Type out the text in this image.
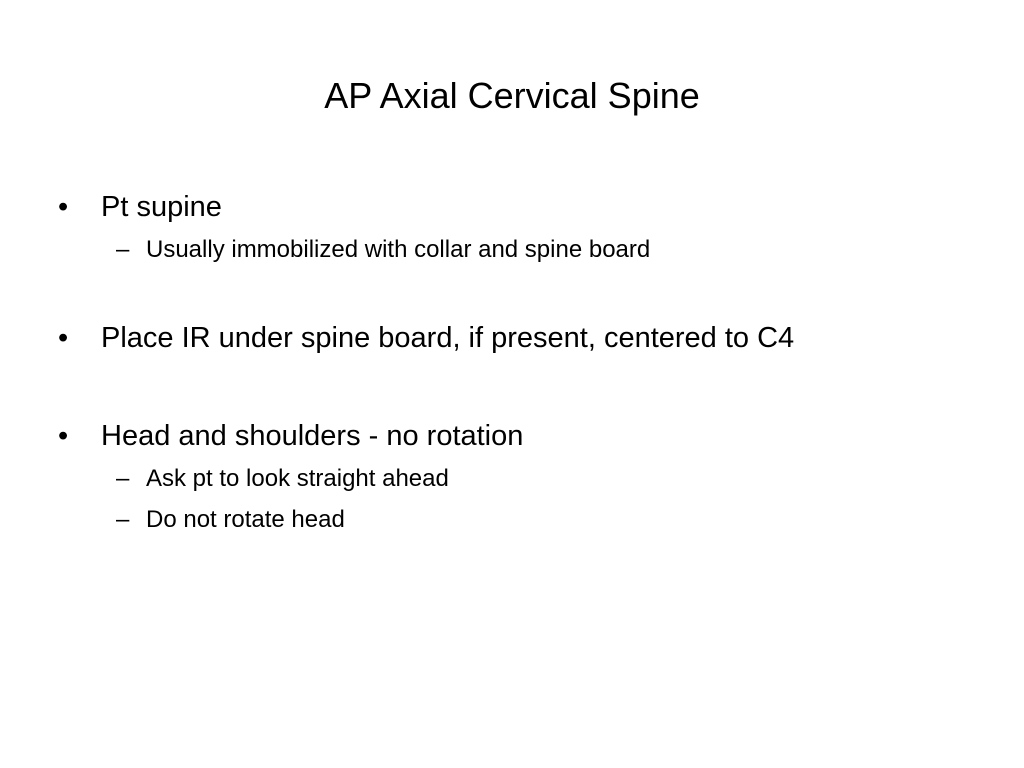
AP Axial Cervical Spine
• Pt supine
– Usually immobilized with collar and spine board
• Place IR under spine board, if present, centered to C4
• Head and shoulders - no rotation
– Ask pt to look straight ahead
– Do not rotate head
